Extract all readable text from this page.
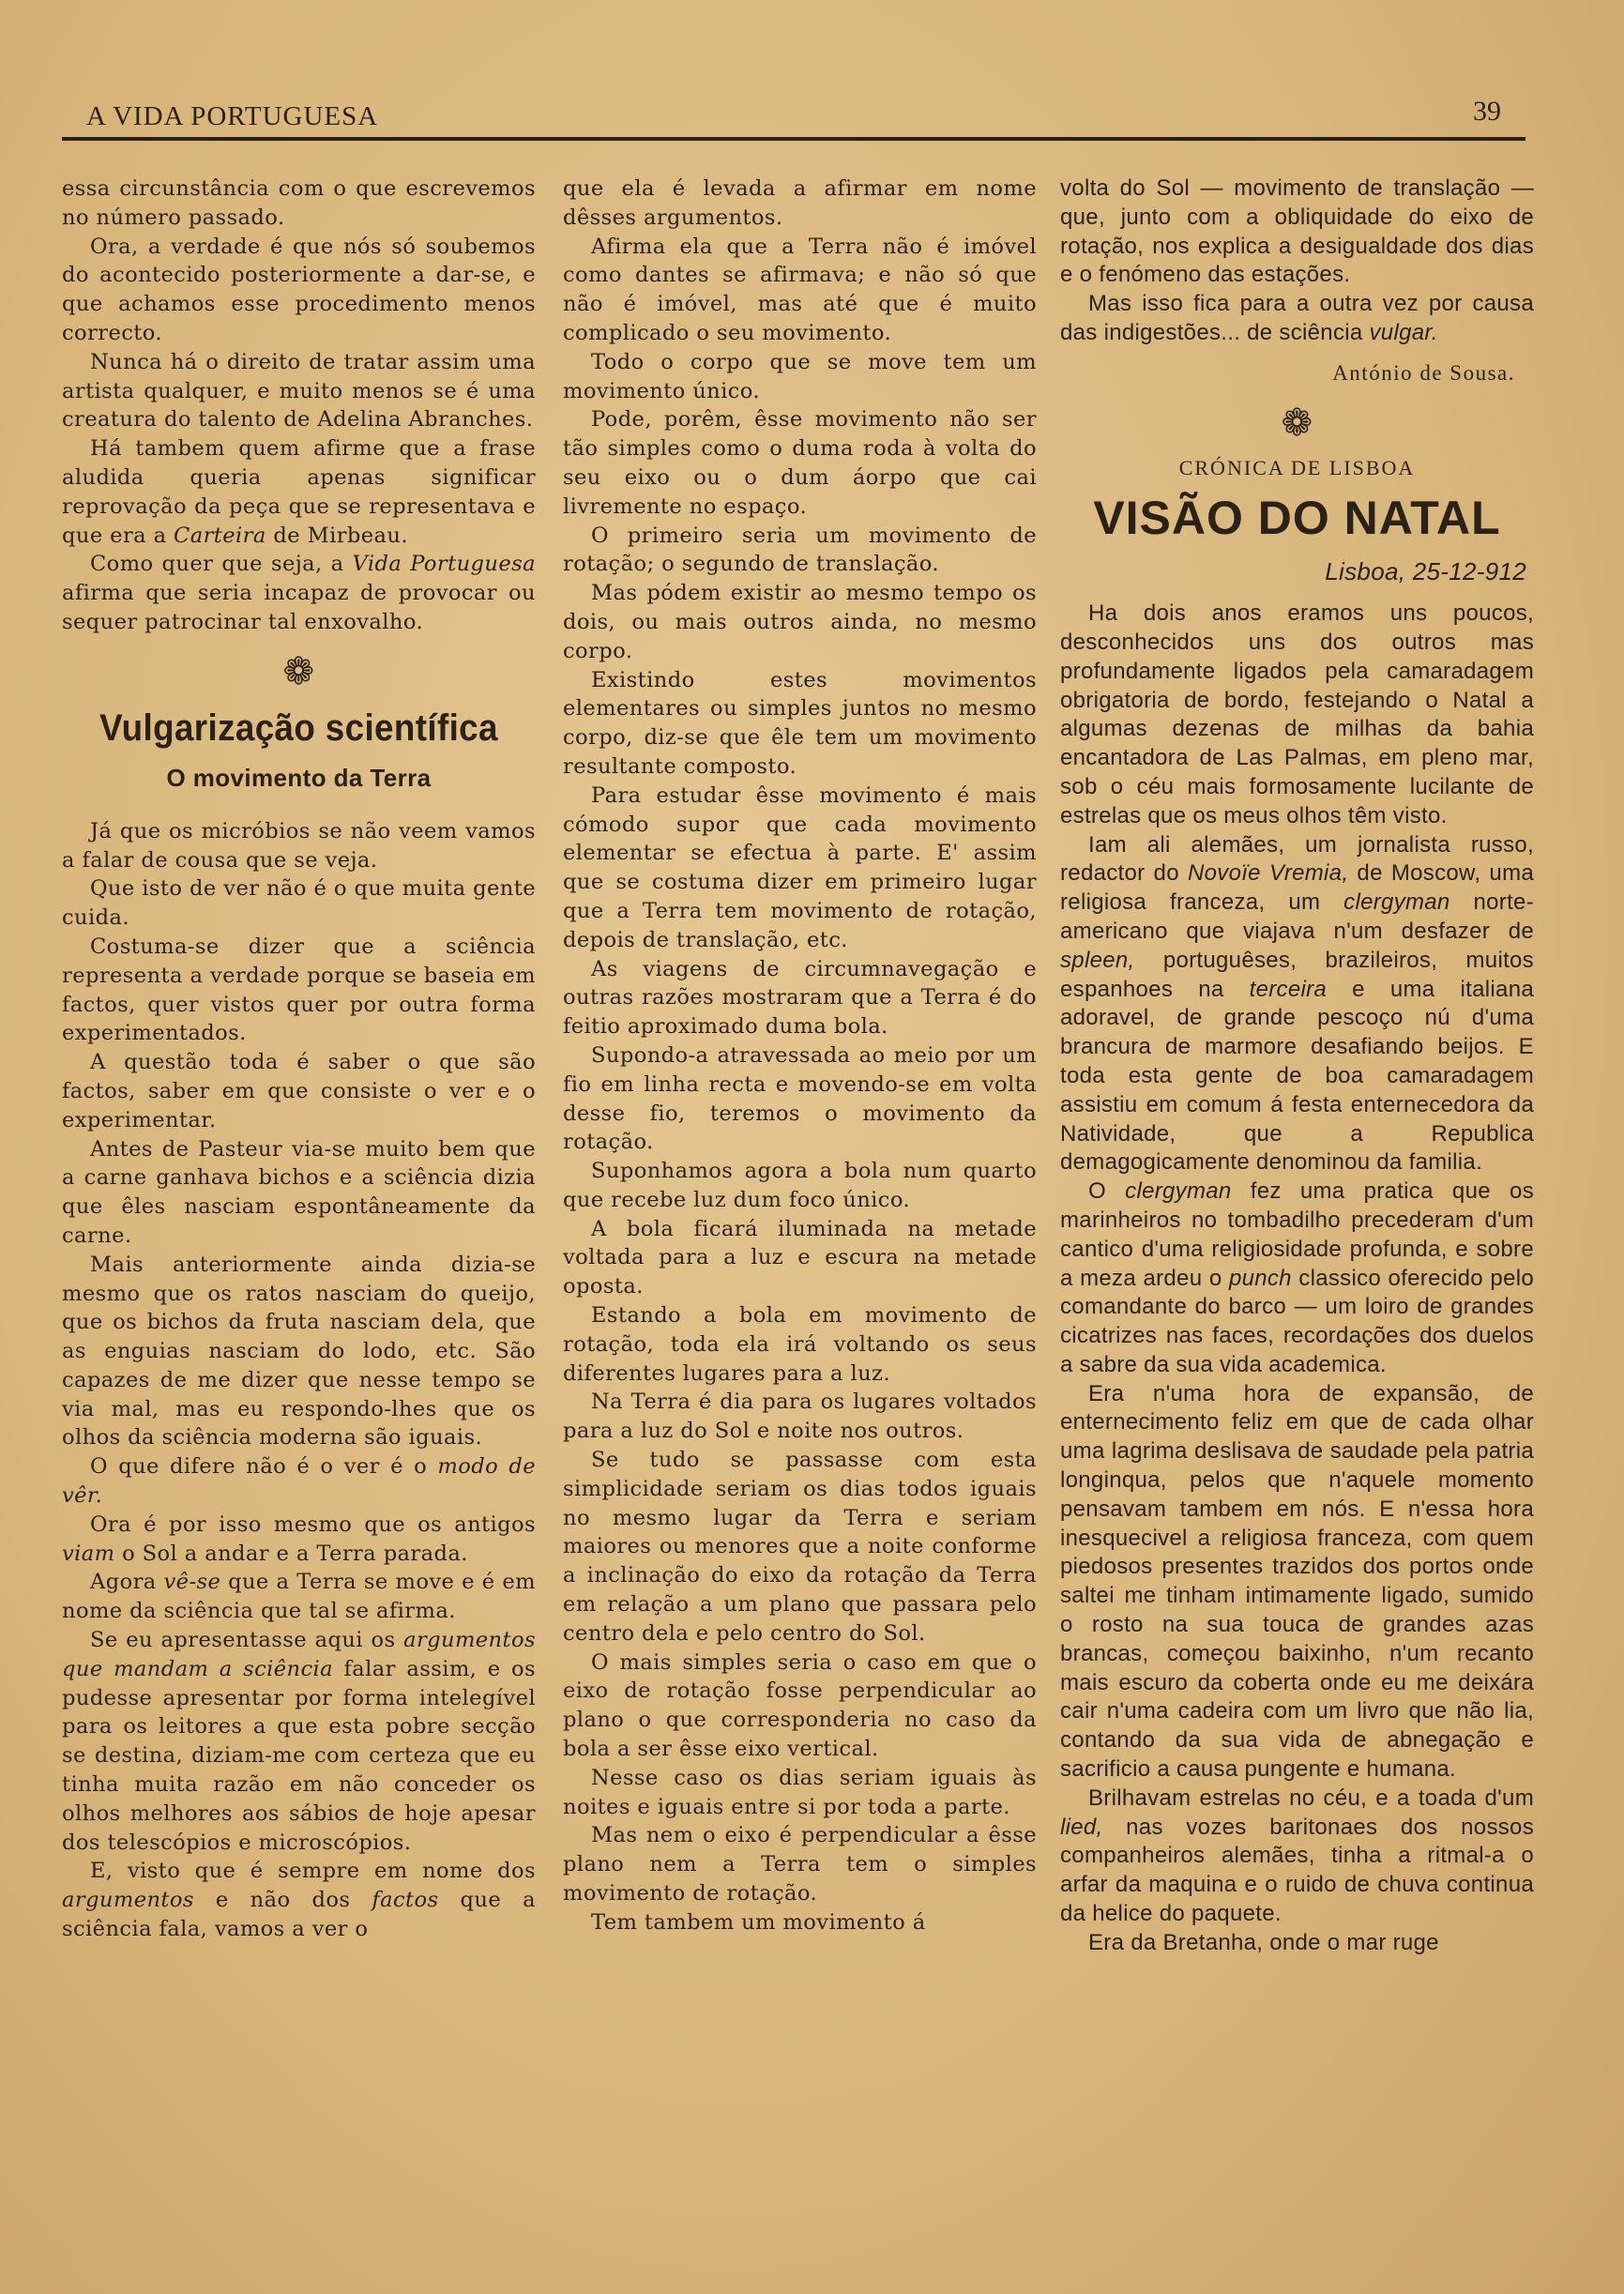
A VIDA PORTUGUESA	39

essa circunstância com o que escrevemos no número passado.

Ora, a verdade é que nós só soubemos do acontecido posteriormente a dar-se, e que achamos esse procedimento menos correcto.

Nunca há o direito de tratar assim uma artista qualquer, e muito menos se é uma creatura do talento de Adelina Abranches.

Há tambem quem afirme que a frase aludida queria apenas significar reprovação da peça que se representava e que era a Carteira de Mirbeau.

Como quer que seja, a Vida Portuguesa afirma que seria incapaz de provocar ou sequer patrocinar tal enxovalho.

❁
Vulgarização scientífica
O movimento da Terra

Já que os micróbios se não veem vamos a falar de cousa que se veja.

Que isto de ver não é o que muita gente cuida.

Costuma-se dizer que a sciência representa a verdade porque se baseia em factos, quer vistos quer por outra forma experimentados.

A questão toda é saber o que são factos, saber em que consiste o ver e o experimentar.

Antes de Pasteur via-se muito bem que a carne ganhava bichos e a sciência dizia que êles nasciam espontâneamente da carne.

Mais anteriormente ainda dizia-se mesmo que os ratos nasciam do queijo, que os bichos da fruta nasciam dela, que as enguias nasciam do lodo, etc. São capazes de me dizer que nesse tempo se via mal, mas eu respondo-lhes que os olhos da sciência moderna são iguais.

O que difere não é o ver é o modo de vêr.

Ora é por isso mesmo que os antigos viam o Sol a andar e a Terra parada.

Agora vê-se que a Terra se move e é em nome da sciência que tal se afirma.

Se eu apresentasse aqui os argumentos que mandam a sciência falar assim, e os pudesse apresentar por forma intelegível para os leitores a que esta pobre secção se destina, diziam-me com certeza que eu tinha muita razão em não conceder os olhos melhores aos sábios de hoje apesar dos telescópios e microscópios.

E, visto que é sempre em nome dos argumentos e não dos factos que a sciência fala, vamos a ver o

que ela é levada a afirmar em nome dêsses argumentos.

Afirma ela que a Terra não é imóvel como dantes se afirmava; e não só que não é imóvel, mas até que é muito complicado o seu movimento.

Todo o corpo que se move tem um movimento único.

Pode, porêm, êsse movimento não ser tão simples como o duma roda à volta do seu eixo ou o dum áorpo que cai livremente no espaço.

O primeiro seria um movimento de rotação; o segundo de translação.

Mas pódem existir ao mesmo tempo os dois, ou mais outros ainda, no mesmo corpo.

Existindo estes movimentos elementares ou simples juntos no mesmo corpo, diz-se que êle tem um movimento resultante composto.

Para estudar êsse movimento é mais cómodo supor que cada movimento elementar se efectua à parte. E' assim que se costuma dizer em primeiro lugar que a Terra tem movimento de rotação, depois de translação, etc.

As viagens de circumnavegação e outras razões mostraram que a Terra é do feitio aproximado duma bola.

Supondo-a atravessada ao meio por um fio em linha recta e movendo-se em volta desse fio, teremos o movimento da rotação.

Suponhamos agora a bola num quarto que recebe luz dum foco único.

A bola ficará iluminada na metade voltada para a luz e escura na metade oposta.

Estando a bola em movimento de rotação, toda ela irá voltando os seus diferentes lugares para a luz.

Na Terra é dia para os lugares voltados para a luz do Sol e noite nos outros.

Se tudo se passasse com esta simplicidade seriam os dias todos iguais no mesmo lugar da Terra e seriam maiores ou menores que a noite conforme a inclinação do eixo da rotação da Terra em relação a um plano que passara pelo centro dela e pelo centro do Sol.

O mais simples seria o caso em que o eixo de rotação fosse perpendicular ao plano o que corresponderia no caso da bola a ser êsse eixo vertical.

Nesse caso os dias seriam iguais às noites e iguais entre si por toda a parte.

Mas nem o eixo é perpendicular a êsse plano nem a Terra tem o simples movimento de rotação.

Tem tambem um movimento á

volta do Sol — movimento de translação — que, junto com a obliquidade do eixo de rotação, nos explica a desigualdade dos dias e o fenómeno das estações.

Mas isso fica para a outra vez por causa das indigestões... de sciência vulgar.

António de Sousa.
❁
CRÓNICA DE LISBOA
VISÃO DO NATAL
Lisboa, 25-12-912

Ha dois anos eramos uns poucos, desconhecidos uns dos outros mas profundamente ligados pela camaradagem obrigatoria de bordo, festejando o Natal a algumas dezenas de milhas da bahia encantadora de Las Palmas, em pleno mar, sob o céu mais formosamente lucilante de estrelas que os meus olhos têm visto.

Iam ali alemães, um jornalista russo, redactor do Novoïe Vremia, de Moscow, uma religiosa franceza, um clergyman norte-americano que viajava n'um desfazer de spleen, portuguêses, brazileiros, muitos espanhoes na terceira e uma italiana adoravel, de grande pescoço nú d'uma brancura de marmore desafiando beijos. E toda esta gente de boa camaradagem assistiu em comum á festa enternecedora da Natividade, que a Republica demagogicamente denominou da familia.

O clergyman fez uma pratica que os marinheiros no tombadilho precederam d'um cantico d'uma religiosidade profunda, e sobre a meza ardeu o punch classico oferecido pelo comandante do barco — um loiro de grandes cicatrizes nas faces, recordações dos duelos a sabre da sua vida academica.

Era n'uma hora de expansão, de enternecimento feliz em que de cada olhar uma lagrima deslisava de saudade pela patria longinqua, pelos que n'aquele momento pensavam tambem em nós. E n'essa hora inesquecivel a religiosa franceza, com quem piedosos presentes trazidos dos portos onde saltei me tinham intimamente ligado, sumido o rosto na sua touca de grandes azas brancas, começou baixinho, n'um recanto mais escuro da coberta onde eu me deixára cair n'uma cadeira com um livro que não lia, contando da sua vida de abnegação e sacrificio a causa pungente e humana.

Brilhavam estrelas no céu, e a toada d'um lied, nas vozes baritonaes dos nossos companheiros alemães, tinha a ritmal-a o arfar da maquina e o ruido de chuva continua da helice do paquete.

Era da Bretanha, onde o mar ruge
